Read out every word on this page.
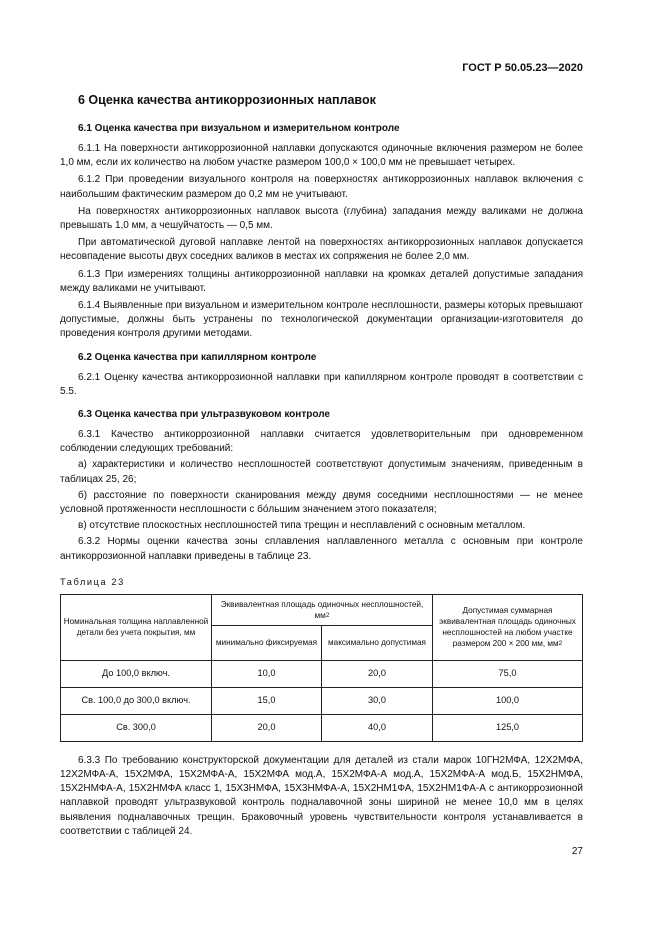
ГОСТ Р 50.05.23—2020
6 Оценка качества антикоррозионных наплавок
6.1 Оценка качества при визуальном и измерительном контроле

6.1.1 На поверхности антикоррозионной наплавки допускаются одиночные включения размером не более 1,0 мм, если их количество на любом участке размером 100,0 × 100,0 мм не превышает четырех.

6.1.2 При проведении визуального контроля на поверхностях антикоррозионных наплавок включения с наибольшим фактическим размером до 0,2 мм не учитывают.

На поверхностях антикоррозионных наплавок высота (глубина) западания между валиками не должна превышать 1,0 мм, а чешуйчатость — 0,5 мм.

При автоматической дуговой наплавке лентой на поверхностях антикоррозионных наплавок допускается несовпадение высоты двух соседних валиков в местах их сопряжения не более 2,0 мм.

6.1.3 При измерениях толщины антикоррозионной наплавки на кромках деталей допустимые западания между валиками не учитывают.

6.1.4 Выявленные при визуальном и измерительном контроле несплошности, размеры которых превышают допустимые, должны быть устранены по технологической документации организации-изготовителя до проведения контроля другими методами.

6.2 Оценка качества при капиллярном контроле

6.2.1 Оценку качества антикоррозионной наплавки при капиллярном контроле проводят в соответствии с 5.5.

6.3 Оценка качества при ультразвуковом контроле

6.3.1 Качество антикоррозионной наплавки считается удовлетворительным при одновременном соблюдении следующих требований:

а) характеристики и количество несплошностей соответствуют допустимым значениям, приведенным в таблицах 25, 26;

б) расстояние по поверхности сканирования между двумя соседними несплошностями — не менее условной протяженности несплошности с бо́льшим значением этого показателя;

в) отсутствие плоскостных несплошностей типа трещин и несплавлений с основным металлом.

6.3.2 Нормы оценки качества зоны сплавления наплавленного металла с основным при контроле антикоррозионной наплавки приведены в таблице 23.

Таблица 23
Номинальная толщина наплавленной детали без учета покрытия, мм	Эквивалентная площадь одиночных несплошностей, $мм^2$		Допустимая суммарная эквивалентная площадь одиночных несплошностей на любом участке размером 200 × 200 мм, $мм^2$
	минимально фиксируемая	максимально допустимая	
До 100,0 включ.	10,0	20,0	75,0
Св. 100,0 до 300,0 включ.	15,0	30,0	100,0
Св. 300,0	20,0	40,0	125,0

6.3.3 По требованию конструкторской документации для деталей из стали марок 10ГН2МФА, 12Х2МФА, 12Х2МФА-А, 15Х2МФА, 15Х2МФА-А, 15Х2МФА мод.А, 15Х2МФА-А мод.А, 15Х2МФА-А мод.Б, 15Х2НМФА, 15Х2НМФА-А, 15Х2НМФА класс 1, 15Х3НМФА, 15Х3НМФА-А, 15Х2НМ1ФА, 15Х2НМ1ФА-А с антикоррозионной наплавкой проводят ультразвуковой контроль подналавочной зоны шириной не менее 10,0 мм в целях выявления подналавочных трещин. Браковочный уровень чувствительности контроля устанавливается в соответствии с таблицей 24.

27
